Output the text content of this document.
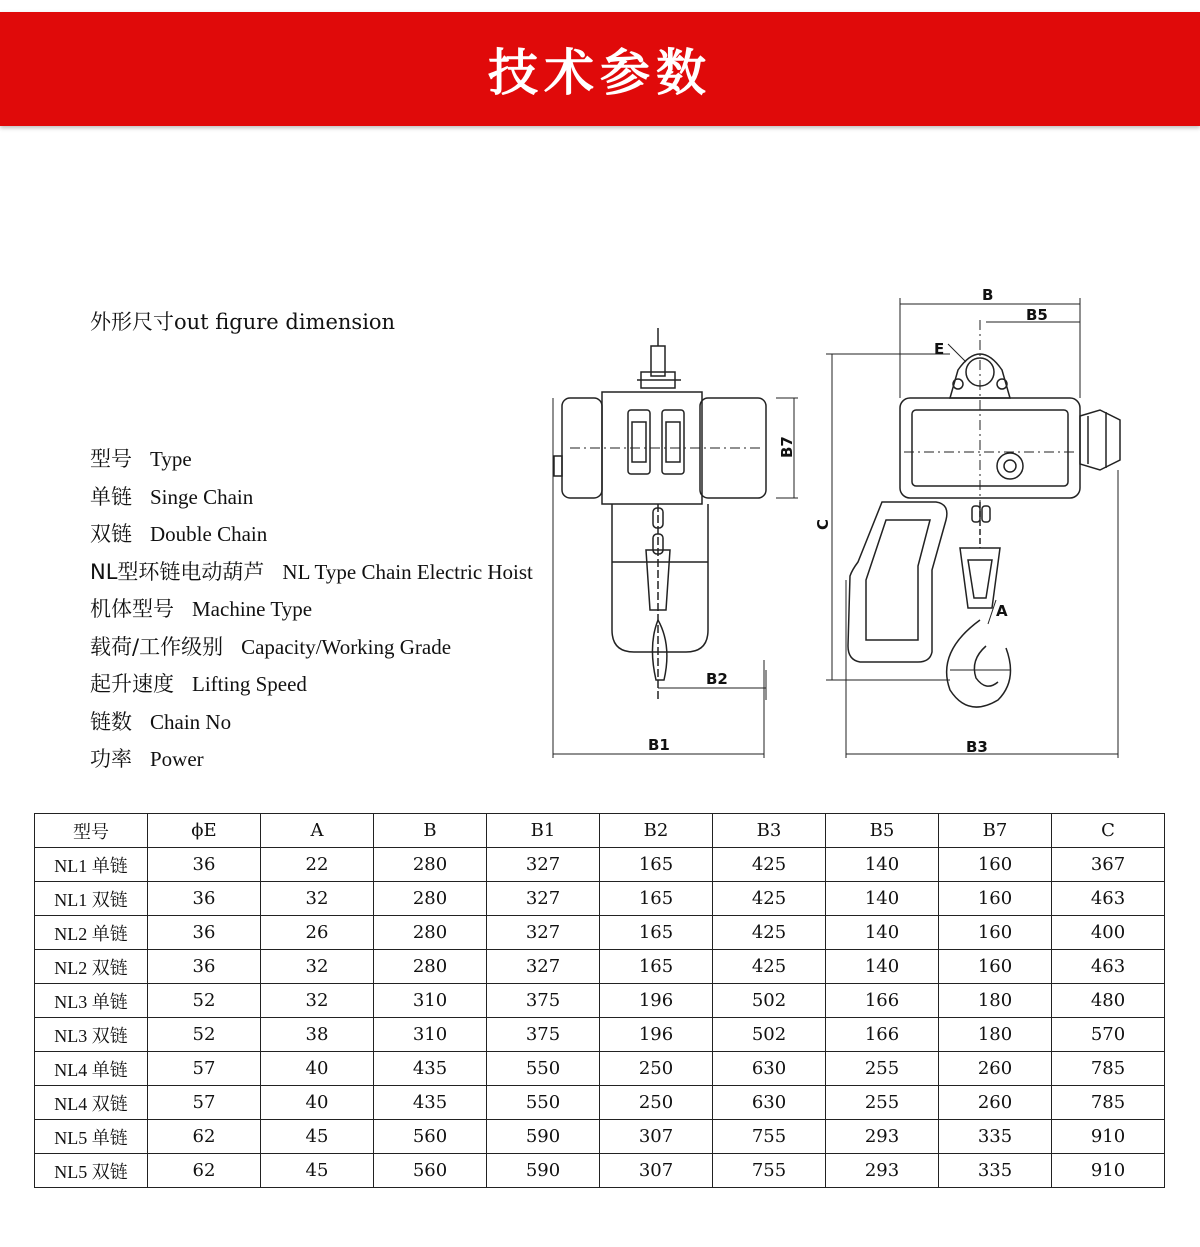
技术参数
外形尺寸out figure dimension
型号 Type
单链 Singe Chain
双链 Double Chain
NL型环链电动葫芦 NL Type Chain Electric Hoist
机体型号 Machine Type
载荷/工作级别 Capacity/Working Grade
起升速度 Lifting Speed
链数 Chain No
功率 Power
B
B5
E
B7
C
A
B2
B1	B3
型号	ϕE	A	B	B1	B2	B3	B5	B7	C
NL1 单链	36	22	280	327	165	425	140	160	367
NL1 双链	36	32	280	327	165	425	140	160	463
NL2 单链	36	26	280	327	165	425	140	160	400
NL2 双链	36	32	280	327	165	425	140	160	463
NL3 单链	52	32	310	375	196	502	166	180	480
NL3 双链	52	38	310	375	196	502	166	180	570
NL4 单链	57	40	435	550	250	630	255	260	785
NL4 双链	57	40	435	550	250	630	255	260	785
NL5 单链	62	45	560	590	307	755	293	335	910
NL5 双链	62	45	560	590	307	755	293	335	910
